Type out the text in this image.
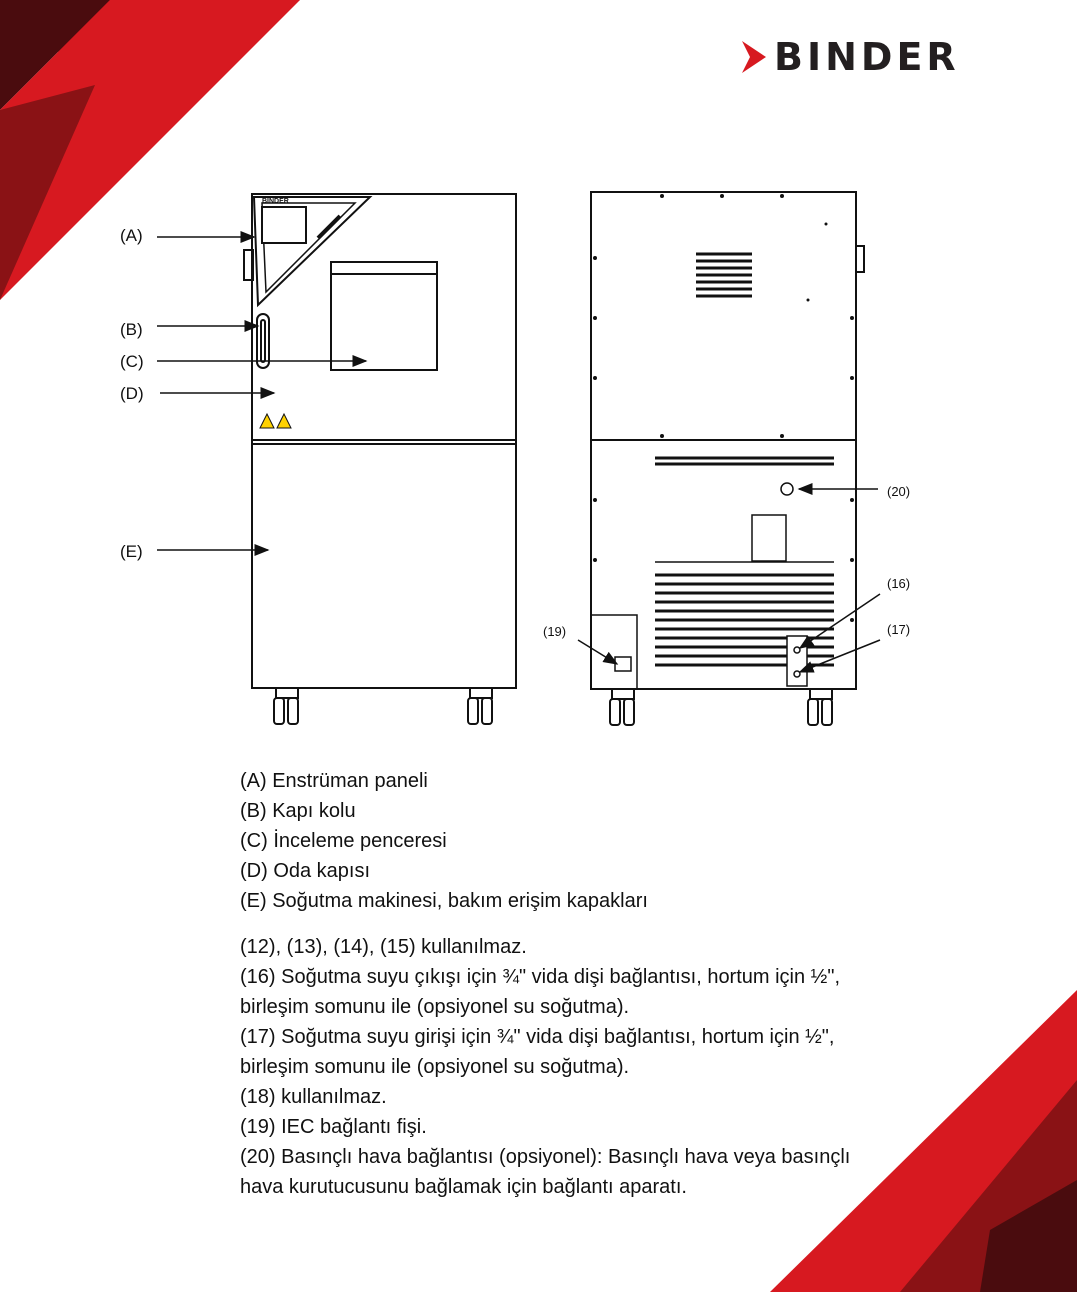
BINDER
BINDER
(A)
(B)
(C)
(D)
(E)
(20)
(16)
(17)
(19)
(A) Enstrüman paneli
(B) Kapı kolu
(C) İnceleme penceresi
(D) Oda kapısı
(E) Soğutma makinesi, bakım erişim kapakları
(12), (13), (14), (15) kullanılmaz.
(16) Soğutma suyu çıkışı için ¾" vida dişi bağlantısı, hortum için ½",
birleşim somunu ile (opsiyonel su soğutma).
(17) Soğutma suyu girişi için ¾" vida dişi bağlantısı, hortum için ½",
birleşim somunu ile (opsiyonel su soğutma).
(18) kullanılmaz.
(19) IEC bağlantı fişi.
(20) Basınçlı hava bağlantısı (opsiyonel): Basınçlı hava veya basınçlı
hava kurutucusunu bağlamak için bağlantı aparatı.
